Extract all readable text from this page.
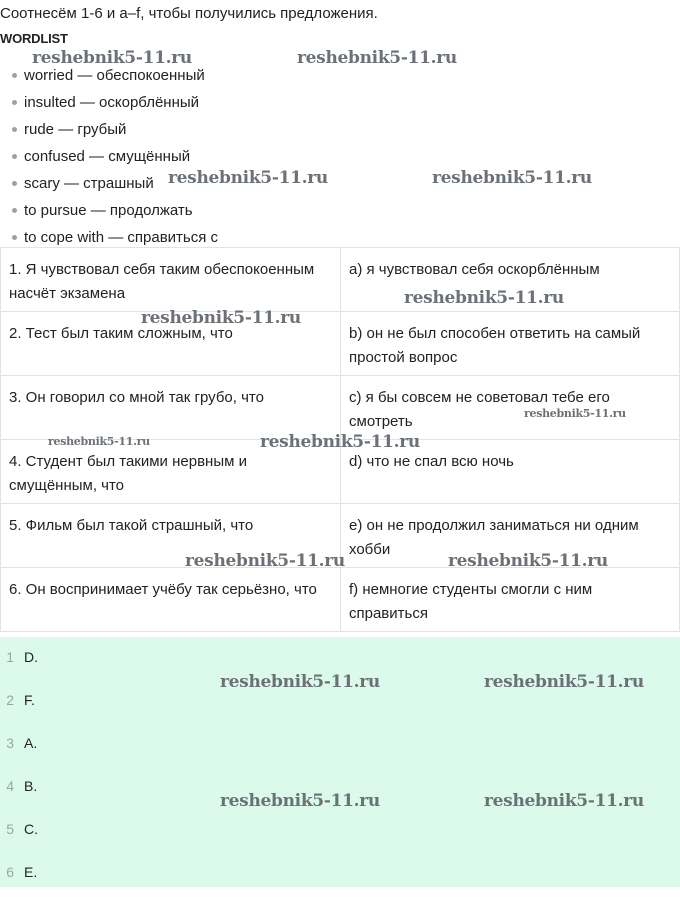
Соотнесём 1-6 и a–f, чтобы получились предложения.
WORDLIST
worried — обеспокоенный
insulted — оскорблённый
rude — грубый
confused — смущённый
scary — страшный
to pursue — продолжать
to cope with — справиться с
1. Я чувствовал себя таким обеспокоенным насчёт экзамена	a) я чувствовал себя оскорблённым
2. Тест был таким сложным, что	b) он не был способен ответить на самый простой вопрос
3. Он говорил со мной так грубо, что	c) я бы совсем не советовал тебе его смотреть
4. Студент был такими нервным и смущённым, что	d) что не спал всю ночь
5. Фильм был такой страшный, что	e) он не продолжил заниматься ни одним хобби
6. Он воспринимает учёбу так серьёзно, что	f) немногие студенты смогли с ним справиться
1 D.
2 F.
3 A.
4 B.
5 C.
6 E.
reshebnik5-11.ru	reshebnik5-11.ru
reshebnik5-11.ru	reshebnik5-11.ru
reshebnik5-11.ru
reshebnik5-11.ru
reshebnik5-11.ru
reshebnik5-11.ru	reshebnik5-11.ru
reshebnik5-11.ru	reshebnik5-11.ru
reshebnik5-11.ru	reshebnik5-11.ru
reshebnik5-11.ru	reshebnik5-11.ru
